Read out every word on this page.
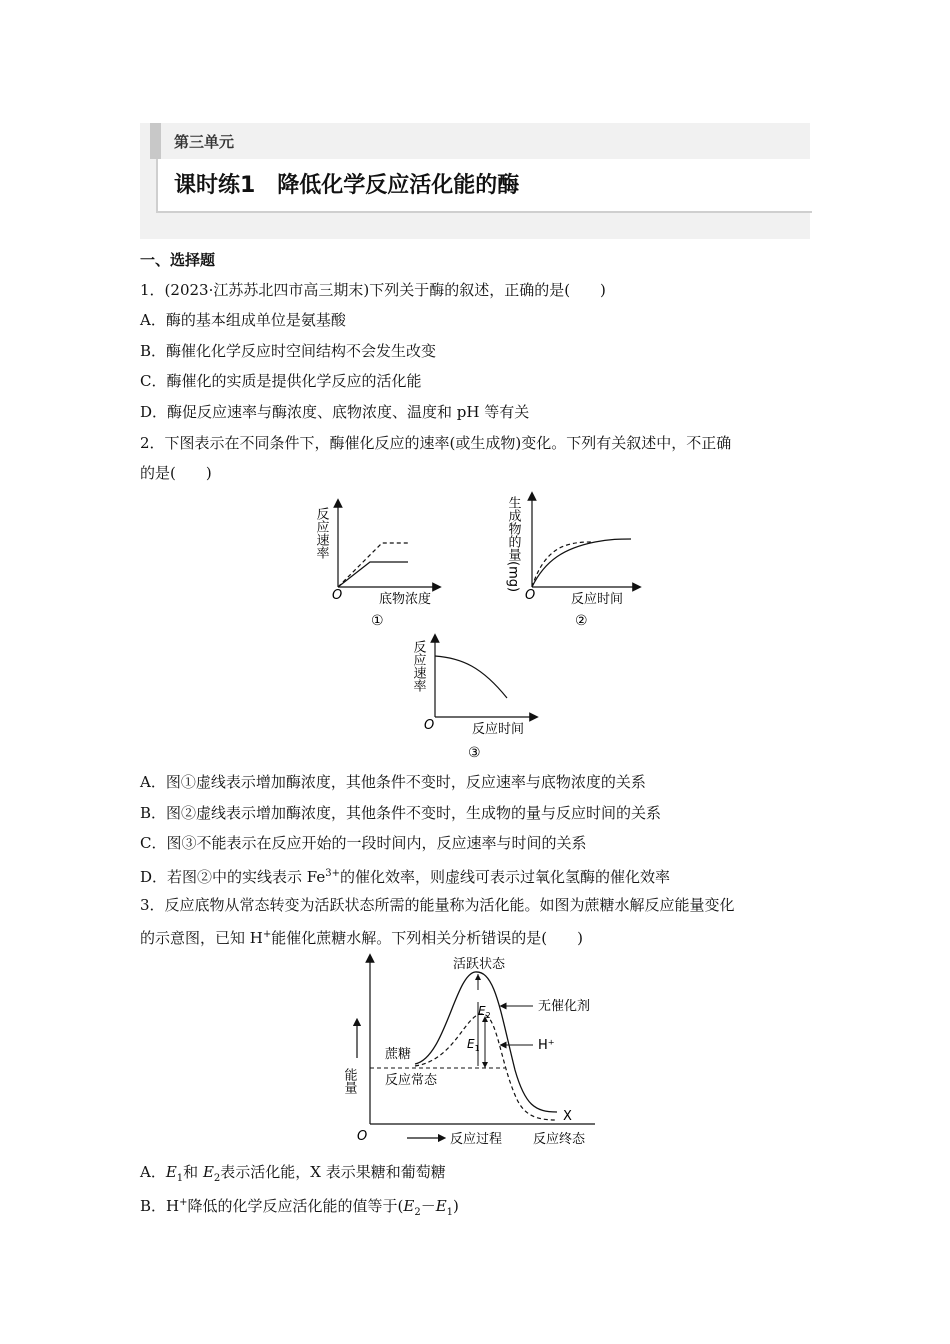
第三单元
课时练1　降低化学反应活化能的酶
一、选择题
1．(2023·江苏苏北四市高三期末)下列关于酶的叙述，正确的是(　　)
A．酶的基本组成单位是氨基酸
B．酶催化化学反应时空间结构不会发生改变
C．酶催化的实质是提供化学反应的活化能
D．酶促反应速率与酶浓度、底物浓度、温度和 pH 等有关
2．下图表示在不同条件下，酶催化反应的速率(或生成物)变化。下列有关叙述中，不正确
的是(　　)
反应速率
O	底物浓度
①
生成物的量(mg)
O	反应时间
②
反应速率
O	反应时间
③
A．图①虚线表示增加酶浓度，其他条件不变时，反应速率与底物浓度的关系
B．图②虚线表示增加酶浓度，其他条件不变时，生成物的量与反应时间的关系
C．图③不能表示在反应开始的一段时间内，反应速率与时间的关系
D．若图②中的实线表示 $Fe^{3+}$的催化效率，则虚线可表示过氧化氢酶的催化效率
3．反应底物从常态转变为活跃状态所需的能量称为活化能。如图为蔗糖水解反应能量变化
的示意图，已知 H+能催化蔗糖水解。下列相关分析错误的是(　　)
活跃状态
无催化剂
H⁺
蔗糖
反应常态
能量
反应过程 反应终态
X
O
$E_2$
$E_1$
A．$E_1$和 $E_2$表示活化能，X 表示果糖和葡萄糖
B．H+降低的化学反应活化能的值等于$(E_2-E_1)$
